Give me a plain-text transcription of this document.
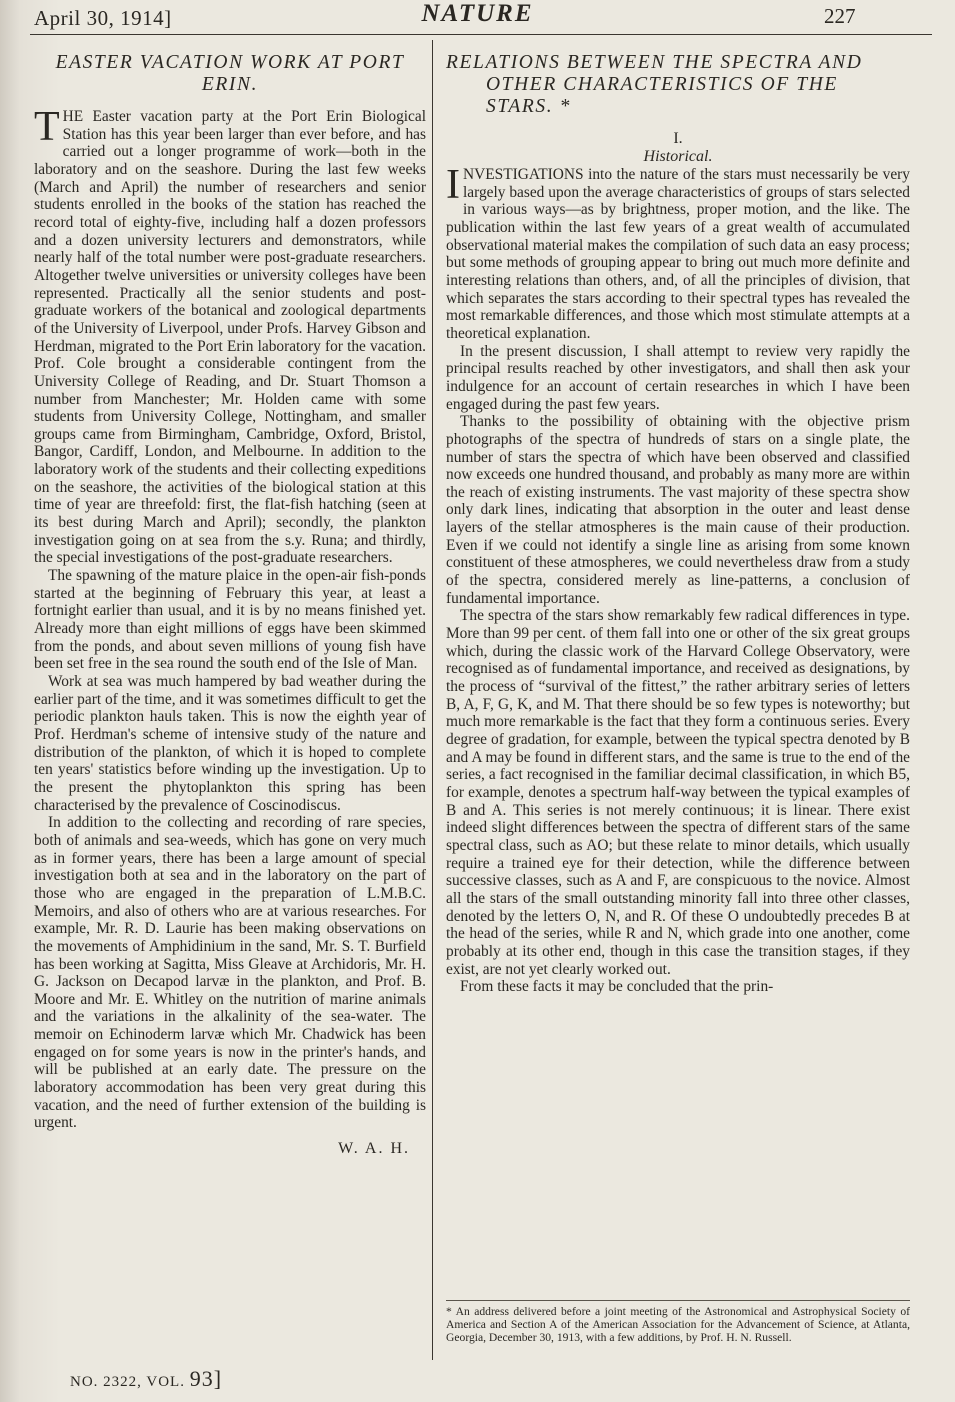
April 30, 1914]	NATURE	227
EASTER VACATION WORK AT PORT ERIN.

THE Easter vacation party at the Port Erin Biological Station has this year been larger than ever before, and has carried out a longer programme of work—both in the laboratory and on the seashore. During the last few weeks (March and April) the number of researchers and senior students enrolled in the books of the station has reached the record total of eighty-five, including half a dozen professors and a dozen university lecturers and demonstrators, while nearly half of the total number were post-graduate researchers. Altogether twelve universities or university colleges have been represented. Practically all the senior students and post-graduate workers of the botanical and zoological departments of the University of Liverpool, under Profs. Harvey Gibson and Herdman, migrated to the Port Erin laboratory for the vacation. Prof. Cole brought a considerable contingent from the University College of Reading, and Dr. Stuart Thomson a number from Manchester; Mr. Holden came with some students from University College, Nottingham, and smaller groups came from Birmingham, Cambridge, Oxford, Bristol, Bangor, Cardiff, London, and Melbourne. In addition to the laboratory work of the students and their collecting expeditions on the seashore, the activities of the biological station at this time of year are threefold: first, the flat-fish hatching (seen at its best during March and April); secondly, the plankton investigation going on at sea from the s.y. Runa; and thirdly, the special investigations of the post-graduate researchers.

The spawning of the mature plaice in the open-air fish-ponds started at the beginning of February this year, at least a fortnight earlier than usual, and it is by no means finished yet. Already more than eight millions of eggs have been skimmed from the ponds, and about seven millions of young fish have been set free in the sea round the south end of the Isle of Man.

Work at sea was much hampered by bad weather during the earlier part of the time, and it was sometimes difficult to get the periodic plankton hauls taken. This is now the eighth year of Prof. Herdman's scheme of intensive study of the nature and distribution of the plankton, of which it is hoped to complete ten years' statistics before winding up the investigation. Up to the present the phytoplankton this spring has been characterised by the prevalence of Coscinodiscus.

In addition to the collecting and recording of rare species, both of animals and sea-weeds, which has gone on very much as in former years, there has been a large amount of special investigation both at sea and in the laboratory on the part of those who are engaged in the preparation of L.M.B.C. Memoirs, and also of others who are at various researches. For example, Mr. R. D. Laurie has been making observations on the movements of Amphidinium in the sand, Mr. S. T. Burfield has been working at Sagitta, Miss Gleave at Archidoris, Mr. H. G. Jackson on Decapod larvæ in the plankton, and Prof. B. Moore and Mr. E. Whitley on the nutrition of marine animals and the variations in the alkalinity of the sea-water. The memoir on Echinoderm larvæ which Mr. Chadwick has been engaged on for some years is now in the printer's hands, and will be published at an early date. The pressure on the laboratory accommodation has been very great during this vacation, and the need of further extension of the building is urgent.

W. A. H.
RELATIONS BETWEEN THE SPECTRA AND
OTHER CHARACTERISTICS OF THE
STARS. *
I.
Historical.

INVESTIGATIONS into the nature of the stars must necessarily be very largely based upon the average characteristics of groups of stars selected in various ways—as by brightness, proper motion, and the like. The publication within the last few years of a great wealth of accumulated observational material makes the compilation of such data an easy process; but some methods of grouping appear to bring out much more definite and interesting relations than others, and, of all the principles of division, that which separates the stars according to their spectral types has revealed the most remarkable differences, and those which most stimulate attempts at a theoretical explanation.

In the present discussion, I shall attempt to review very rapidly the principal results reached by other investigators, and shall then ask your indulgence for an account of certain researches in which I have been engaged during the past few years.

Thanks to the possibility of obtaining with the objective prism photographs of the spectra of hundreds of stars on a single plate, the number of stars the spectra of which have been observed and classified now exceeds one hundred thousand, and probably as many more are within the reach of existing instruments. The vast majority of these spectra show only dark lines, indicating that absorption in the outer and least dense layers of the stellar atmospheres is the main cause of their production. Even if we could not identify a single line as arising from some known constituent of these atmospheres, we could nevertheless draw from a study of the spectra, considered merely as line-patterns, a conclusion of fundamental importance.

The spectra of the stars show remarkably few radical differences in type. More than 99 per cent. of them fall into one or other of the six great groups which, during the classic work of the Harvard College Observatory, were recognised as of fundamental importance, and received as designations, by the process of “survival of the fittest,” the rather arbitrary series of letters B, A, F, G, K, and M. That there should be so few types is noteworthy; but much more remarkable is the fact that they form a continuous series. Every degree of gradation, for example, between the typical spectra denoted by B and A may be found in different stars, and the same is true to the end of the series, a fact recognised in the familiar decimal classification, in which B5, for example, denotes a spectrum half-way between the typical examples of B and A. This series is not merely continuous; it is linear. There exist indeed slight differences between the spectra of different stars of the same spectral class, such as AO; but these relate to minor details, which usually require a trained eye for their detection, while the difference between successive classes, such as A and F, are conspicuous to the novice. Almost all the stars of the small outstanding minority fall into three other classes, denoted by the letters O, N, and R. Of these O undoubtedly precedes B at the head of the series, while R and N, which grade into one another, come probably at its other end, though in this case the transition stages, if they exist, are not yet clearly worked out.

From these facts it may be concluded that the prin-

* An address delivered before a joint meeting of the Astronomical and Astrophysical Society of America and Section A of the American Association for the Advancement of Science, at Atlanta, Georgia, December 30, 1913, with a few additions, by Prof. H. N. Russell.
NO. 2322, VOL. 93]
